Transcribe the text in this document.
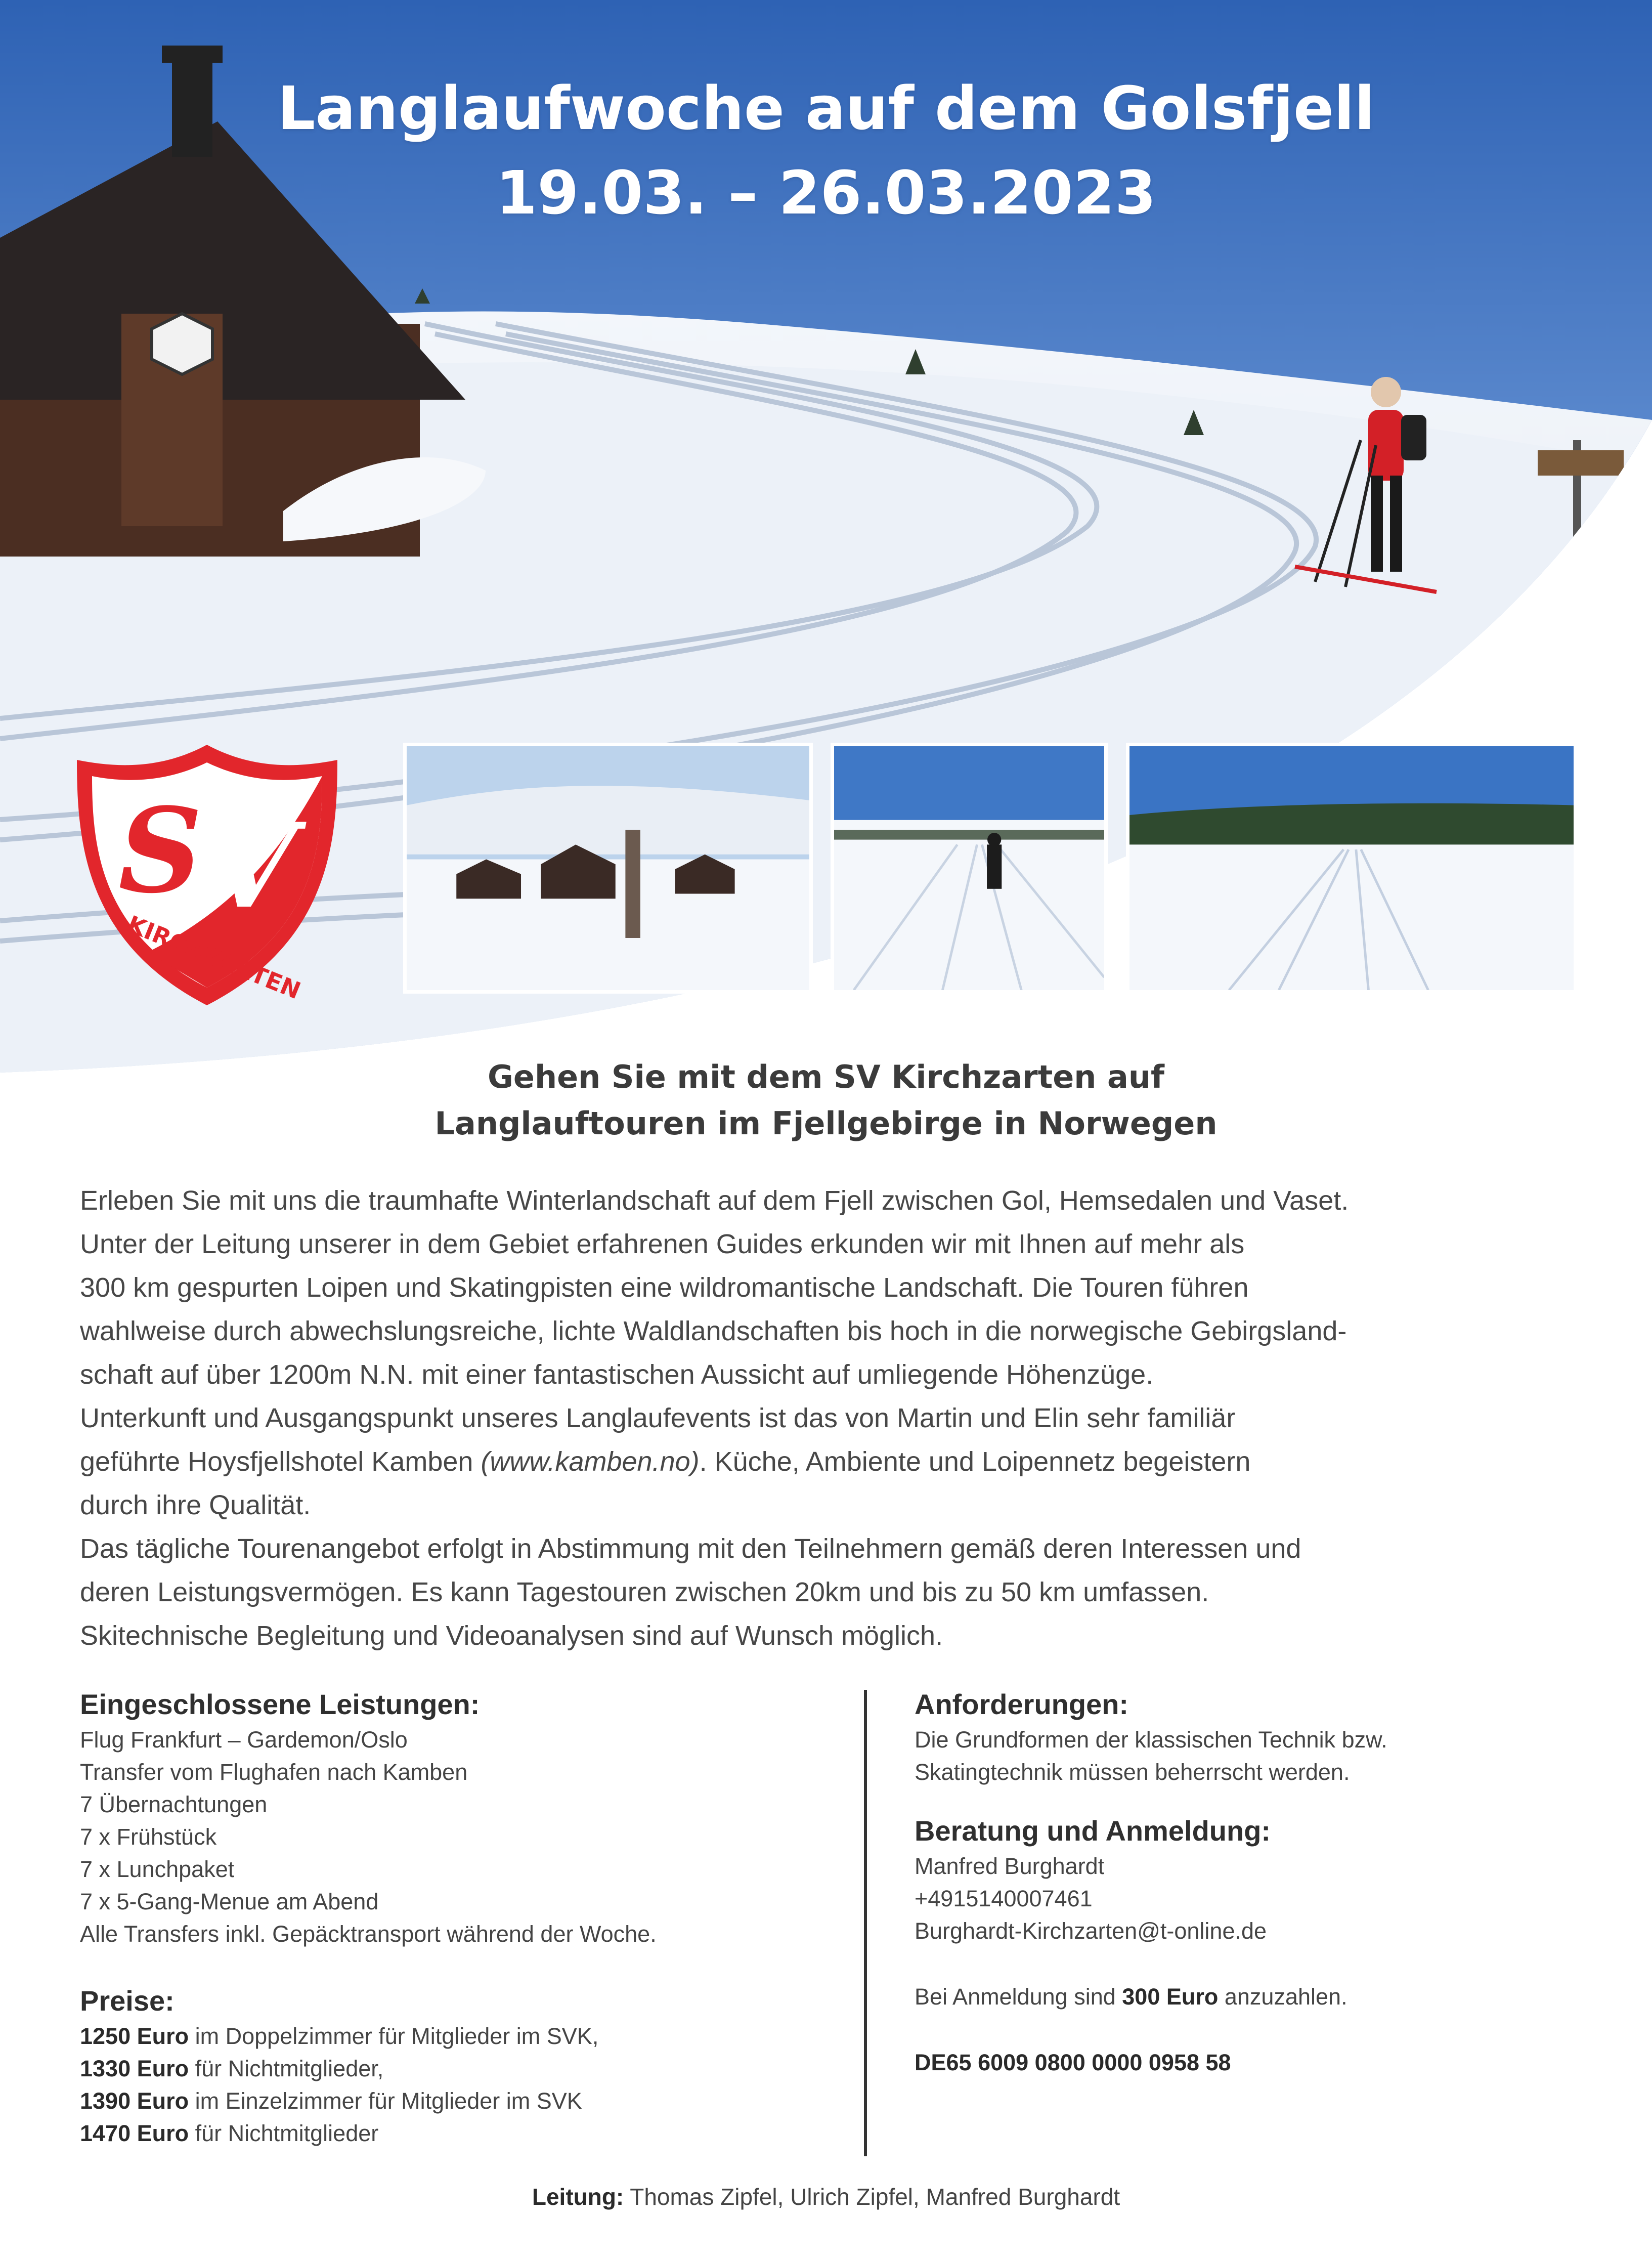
Langlaufwoche auf dem Golsfjell
19.03. – 26.03.2023
S V
KIRCHZARTEN
Gehen Sie mit dem SV Kirchzarten auf
Langlauftouren im Fjellgebirge in Norwegen

Erleben Sie mit uns die traumhafte Winterlandschaft auf dem Fjell zwischen Gol, Hemsedalen und Vaset.

Unter der Leitung unserer in dem Gebiet erfahrenen Guides erkunden wir mit Ihnen auf mehr als

300 km gespurten Loipen und Skatingpisten eine wildromantische Landschaft. Die Touren führen

wahlweise durch abwechslungsreiche, lichte Waldlandschaften bis hoch in die norwegische Gebirgsland-

schaft auf über 1200m N.N. mit einer fantastischen Aussicht auf umliegende Höhenzüge.

Unterkunft und Ausgangspunkt unseres Langlaufevents ist das von Martin und Elin sehr familiär

geführte Hoysfjellshotel Kamben (www.kamben.no). Küche, Ambiente und Loipennetz begeistern

durch ihre Qualität.

Das tägliche Tourenangebot erfolgt in Abstimmung mit den Teilnehmern gemäß deren Interessen und

deren Leistungsvermögen. Es kann Tagestouren zwischen 20km und bis zu 50 km umfassen.

Skitechnische Begleitung und Videoanalysen sind auf Wunsch möglich.

Eingeschlossene Leistungen:
Flug Frankfurt – Gardemon/Oslo
Transfer vom Flughafen nach Kamben
7 Übernachtungen
7 x Frühstück
7 x Lunchpaket
7 x 5-Gang-Menue am Abend
Alle Transfers inkl. Gepäcktransport während der Woche.
Preise:
1250 Euro im Doppelzimmer für Mitglieder im SVK,
1330 Euro für Nichtmitglieder,
1390 Euro im Einzelzimmer für Mitglieder im SVK
1470 Euro für Nichtmitglieder
Anforderungen:
Die Grundformen der klassischen Technik bzw.
Skatingtechnik müssen beherrscht werden.
Beratung und Anmeldung:
Manfred Burghardt
+4915140007461
Burghardt-Kirchzarten@t-online.de
Bei Anmeldung sind 300 Euro anzuzahlen.
DE65 6009 0800 0000 0958 58
Leitung: Thomas Zipfel, Ulrich Zipfel, Manfred Burghardt
